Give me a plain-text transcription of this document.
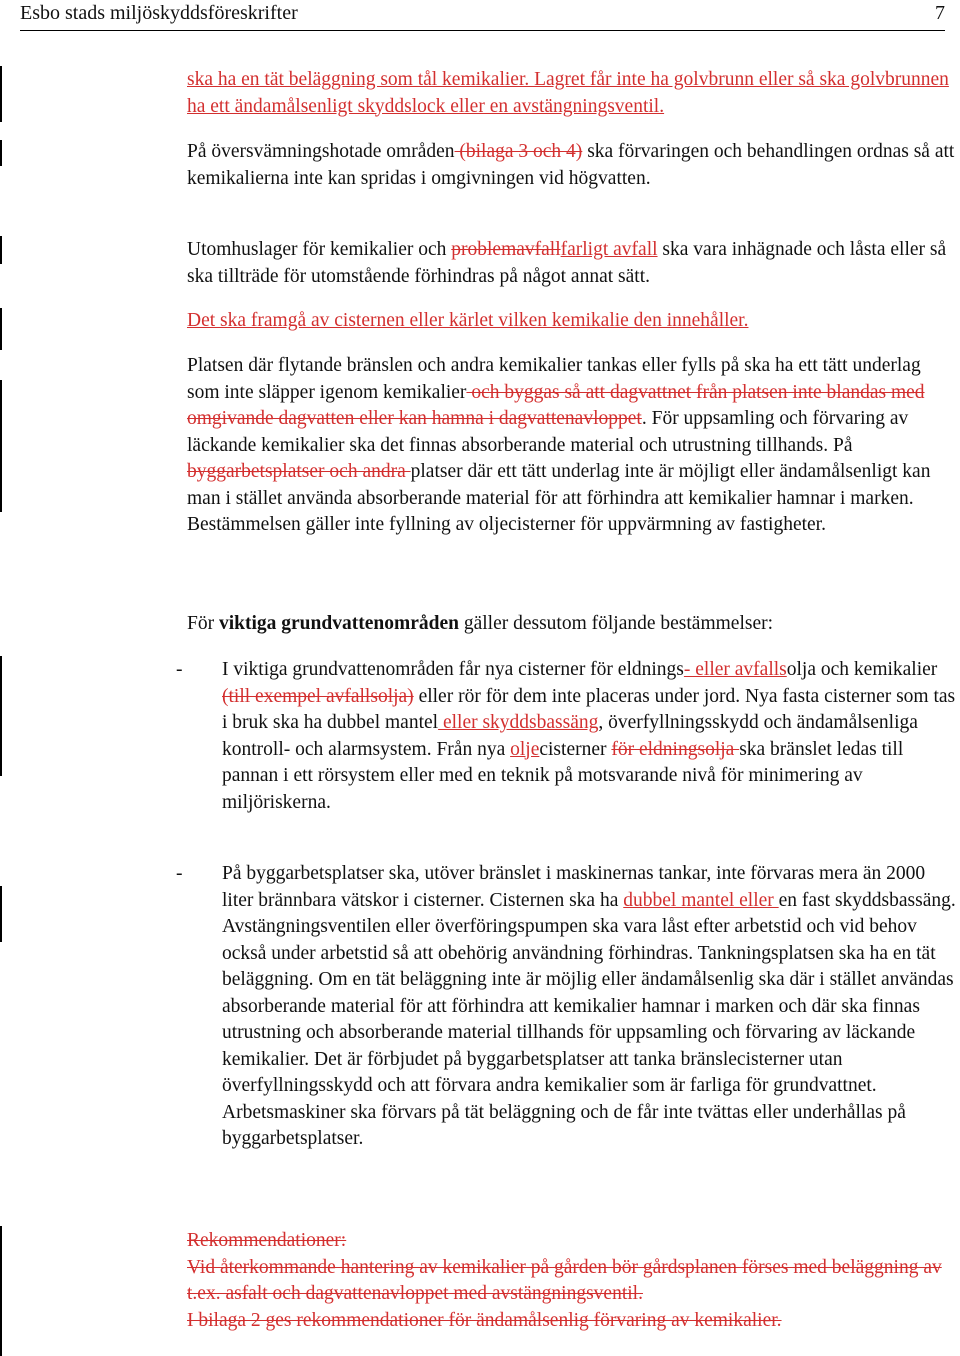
Esbo stads miljöskyddsföreskrifter	7

ska ha en tät beläggning som tål kemikalier. Lagret får inte ha golvbrunn eller så ska golvbrunnen ha ett ändamålsenligt skyddslock eller en avstängningsventil.

På översvämningshotade områden (bilaga 3 och 4) ska förvaringen och behandlingen ordnas så att kemikalierna inte kan spridas i omgivningen vid högvatten.

Utomhuslager för kemikalier och problemavfallfarligt avfall ska vara inhägnade och låsta eller så ska tillträde för utomstående förhindras på något annat sätt.

Det ska framgå av cisternen eller kärlet vilken kemikalie den innehåller.

Platsen där flytande bränslen och andra kemikalier tankas eller fylls på ska ha ett tätt underlag som inte släpper igenom kemikalier och byggas så att dagvattnet från platsen inte blandas med omgivande dagvatten eller kan hamna i dagvattenavloppet. För uppsamling och förvaring av läckande kemikalier ska det finnas absorberande material och utrustning tillhands. På byggarbetsplatser och andra platser där ett tätt underlag inte är möjligt eller ändamålsenligt kan man i stället använda absorberande material för att förhindra att kemikalier hamnar i marken. Bestämmelsen gäller inte fyllning av oljecisterner för uppvärmning av fastigheter.

För viktiga grundvattenområden gäller dessutom följande bestämmelser:

-	I viktiga grundvattenområden får nya cisterner för eldnings- eller avfallsolja och kemikalier (till exempel avfallsolja) eller rör för dem inte placeras under jord. Nya fasta cisterner som tas i bruk ska ha dubbel mantel eller skyddsbassäng, överfyllningsskydd och ändamålsenliga kontroll- och alarmsystem. Från nya oljecisterner för eldningsolja ska bränslet ledas till pannan i ett rörsystem eller med en teknik på motsvarande nivå för minimering av miljöriskerna.
-	På byggarbetsplatser ska, utöver bränslet i maskinernas tankar, inte förvaras mera än 2000 liter brännbara vätskor i cisterner. Cisternen ska ha dubbel mantel eller en fast skyddsbassäng. Avstängningsventilen eller överföringspumpen ska vara låst efter arbetstid och vid behov också under arbetstid så att obehörig användning förhindras. Tankningsplatsen ska ha en tät beläggning. Om en tät beläggning inte är möjlig eller ändamålsenlig ska där i stället användas absorberande material för att förhindra att kemikalier hamnar i marken och där ska finnas utrustning och absorberande material tillhands för uppsamling och förvaring av läckande kemikalier. Det är förbjudet på byggarbetsplatser att tanka bränslecisterner utan överfyllningsskydd och att förvara andra kemikalier som är farliga för grundvattnet. Arbetsmaskiner ska förvars på tät beläggning och de får inte tvättas eller underhållas på byggarbetsplatser.

Rekommendationer:
Vid återkommande hantering av kemikalier på gården bör gårdsplanen förses med beläggning av t.ex. asfalt och dagvattenavloppet med avstängningsventil.
I bilaga 2 ges rekommendationer för ändamålsenlig förvaring av kemikalier.
